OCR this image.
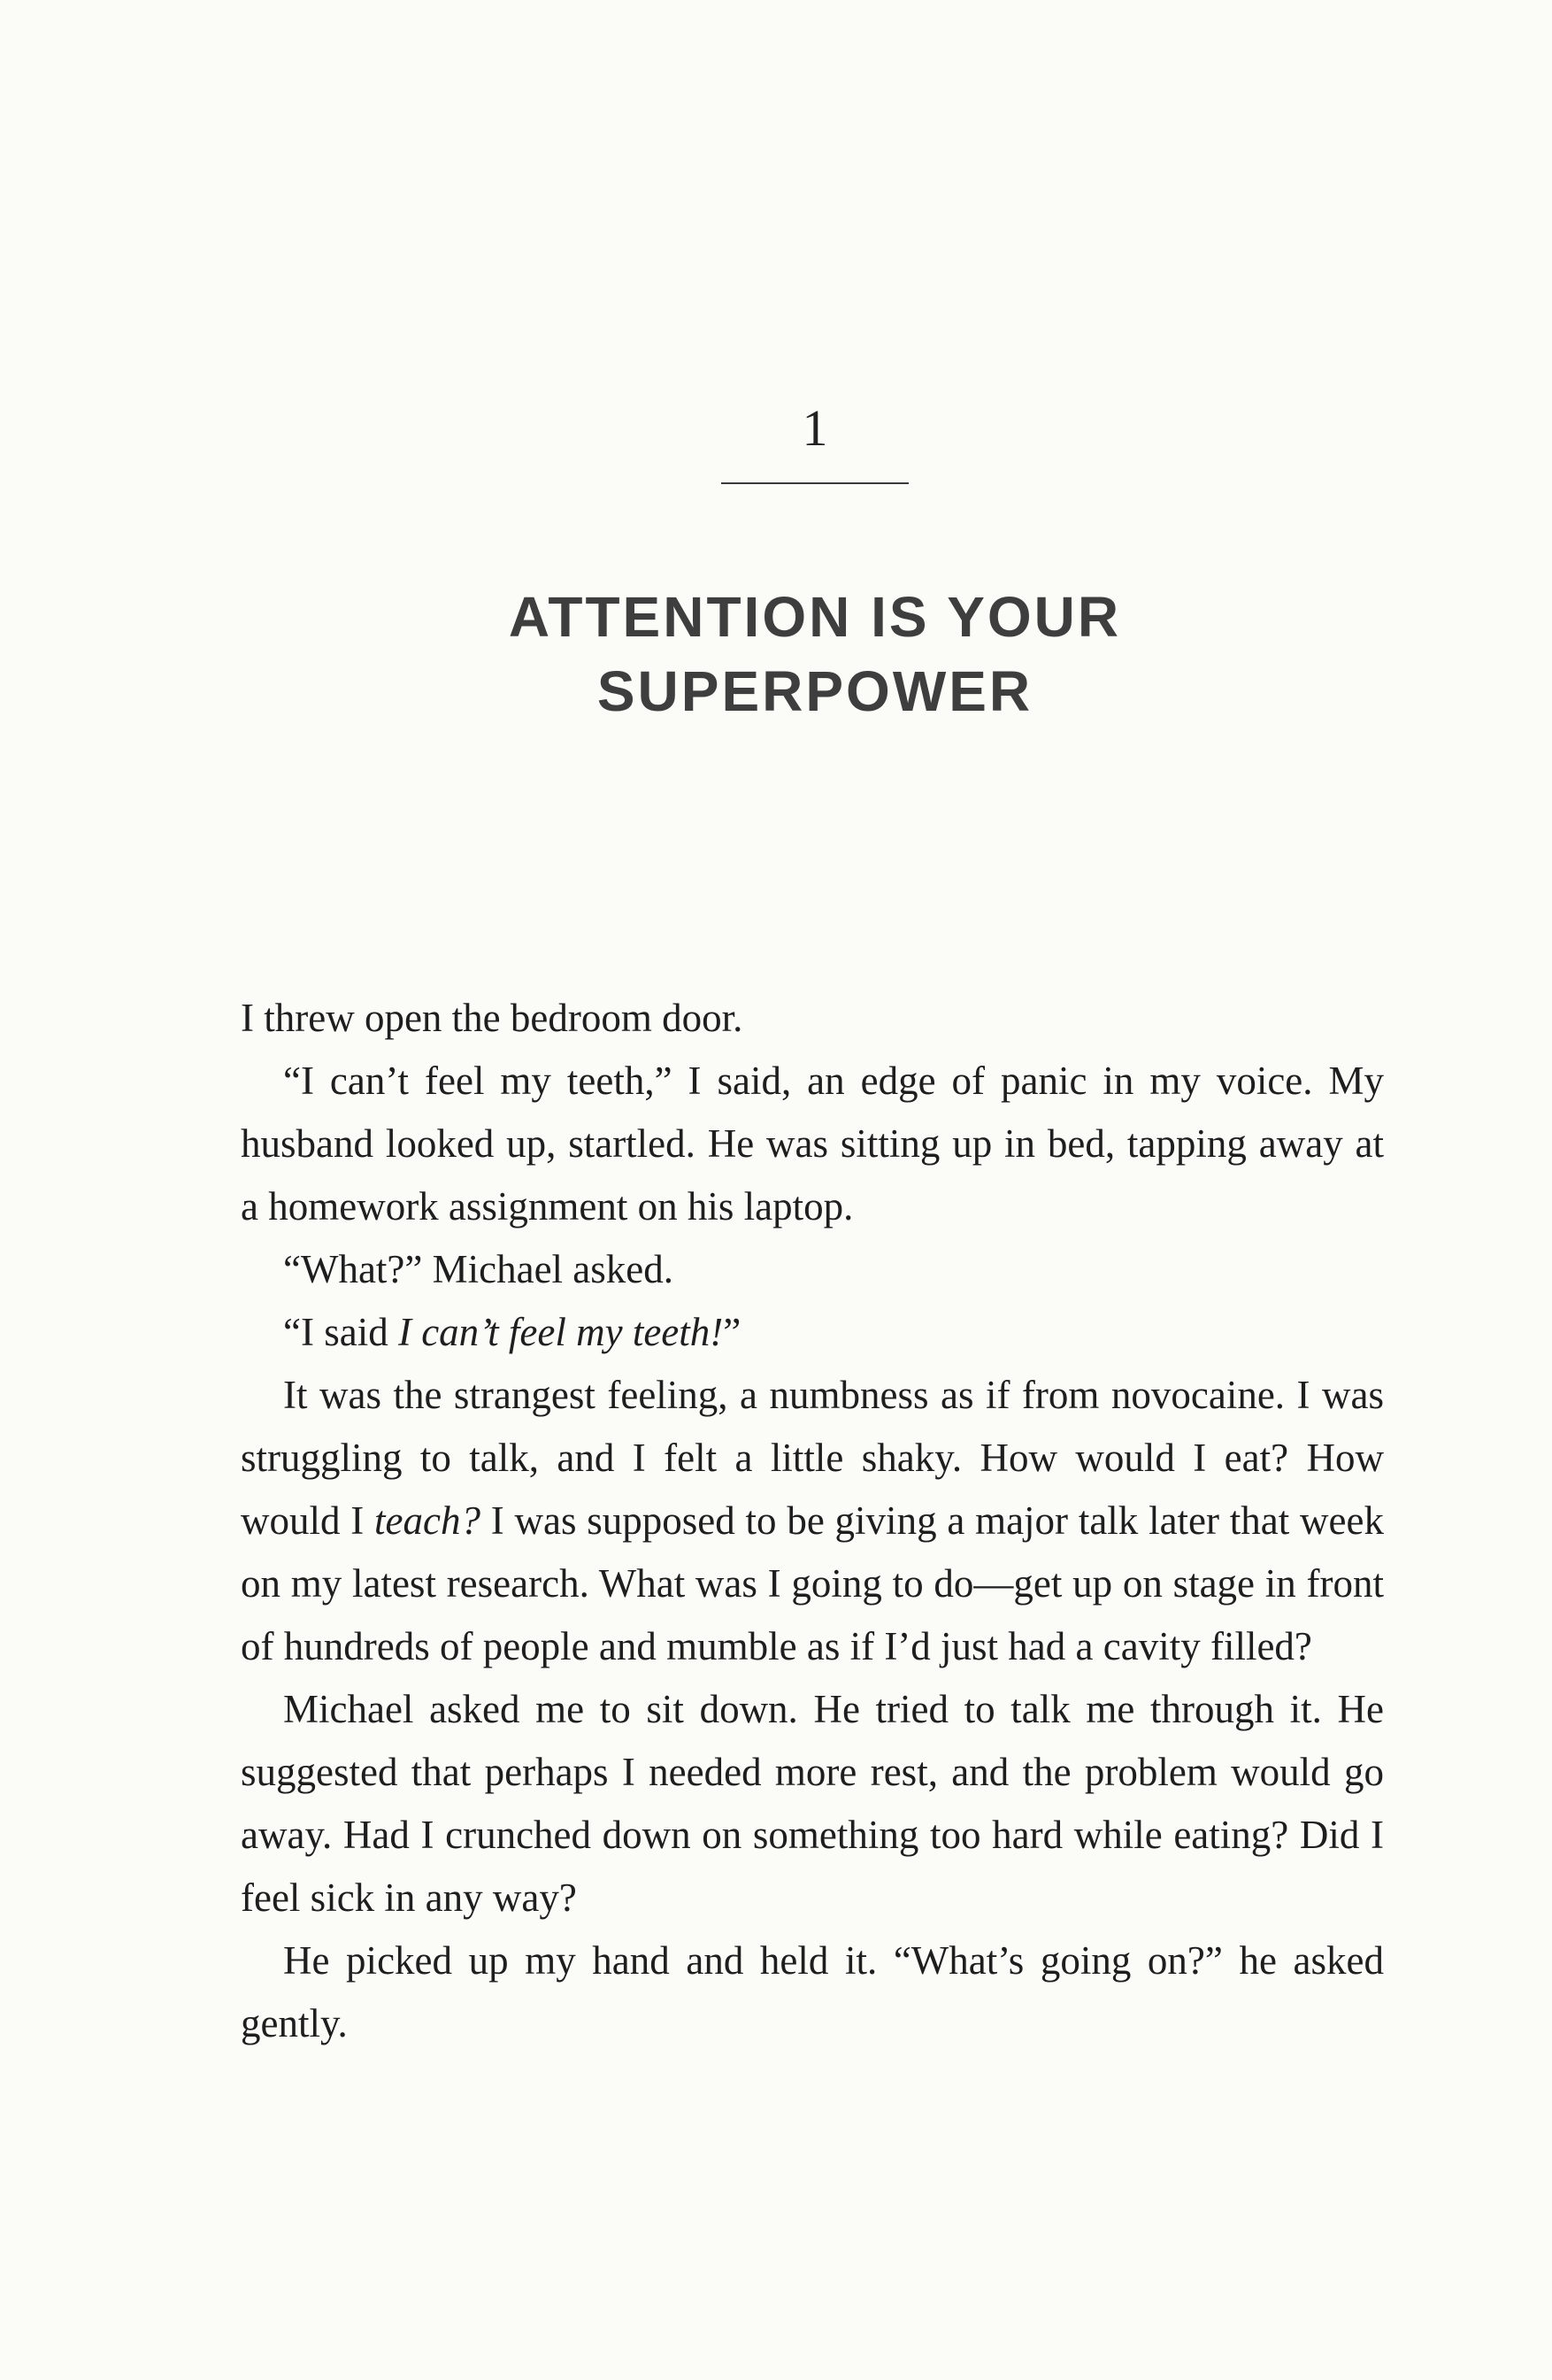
1
ATTENTION IS YOUR
SUPERPOWER

I threw open the bedroom door.

“I can’t feel my teeth,” I said, an edge of panic in my voice. My husband looked up, startled. He was sitting up in bed, tapping away at a homework assignment on his laptop.

“What?” Michael asked.

“I said I can’t feel my teeth!”

It was the strangest feeling, a numbness as if from novocaine. I was struggling to talk, and I felt a little shaky. How would I eat? How would I teach? I was supposed to be giving a major talk later that week on my latest research. What was I going to do—get up on stage in front of hundreds of people and mumble as if I’d just had a cavity filled?

Michael asked me to sit down. He tried to talk me through it. He suggested that perhaps I needed more rest, and the problem would go away. Had I crunched down on something too hard while eating? Did I feel sick in any way?

He picked up my hand and held it. “What’s going on?” he asked gently.
